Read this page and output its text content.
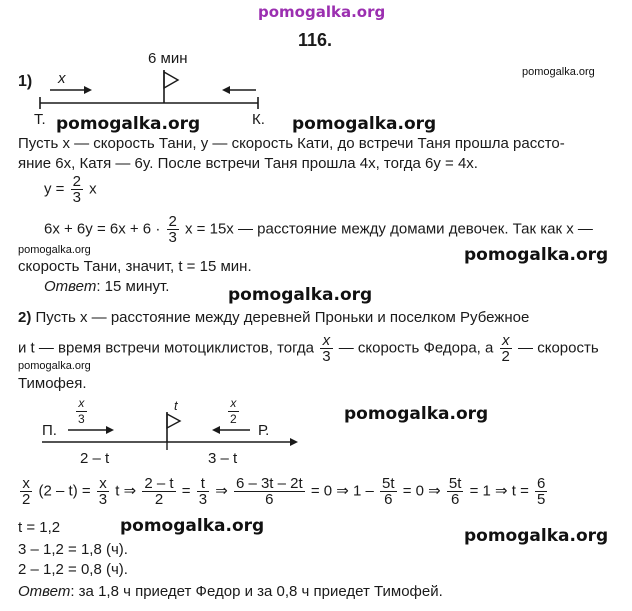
pomogalka.org
pomogalka.org
pomogalka.org	pomogalka.org
pomogalka.org	pomogalka.org
pomogalka.org
pomogalka.org
pomogalka.org
pomogalka.org	pomogalka.org
116.
1) x
6 мин
Т.	К.
Пусть x — скорость Тани, y — скорость Кати, до встречи Таня прошла расcто-
яние 6x, Катя — 6y. После встречи Таня прошла 4x, тогда 6y = 4x.
$y = \frac{2}{3}$ x
$6x + 6y = 6x + 6 \cdot \frac{2}{3}$ x = 15x — расстояние между домами девочек. Так как x —
скорость Тани, значит, t = 15 мин.
Ответ: 15 минут.
2) Пусть x — расстояние между деревней Проньки и поселком Рубежное
и t — время встречи мотоциклистов, тогда $\frac{x}{3}$ — скорость Федора, а $\frac{x}{2}$ — скорость
Тимофея.
П.	Р.
$\frac{x}{3}$	$\frac{x}{2}$
t
2 – t	3 – t
$\frac{x}{2} (2 - t) = \frac{x}{3}$ t ⇒ $\frac{2 - t}{2} = \frac{t}{3}$ ⇒ $\frac{6 - 3t - 2t}{6} = 0$ ⇒ $1 - \frac{5t}{6} = 0$ ⇒ $\frac{5t}{6} = 1$ ⇒ $t = \frac{6}{5}$
t = 1,2
3 – 1,2 = 1,8 (ч).
2 – 1,2 = 0,8 (ч).
Ответ: за 1,8 ч приедет Федор и за 0,8 ч приедет Тимофей.
